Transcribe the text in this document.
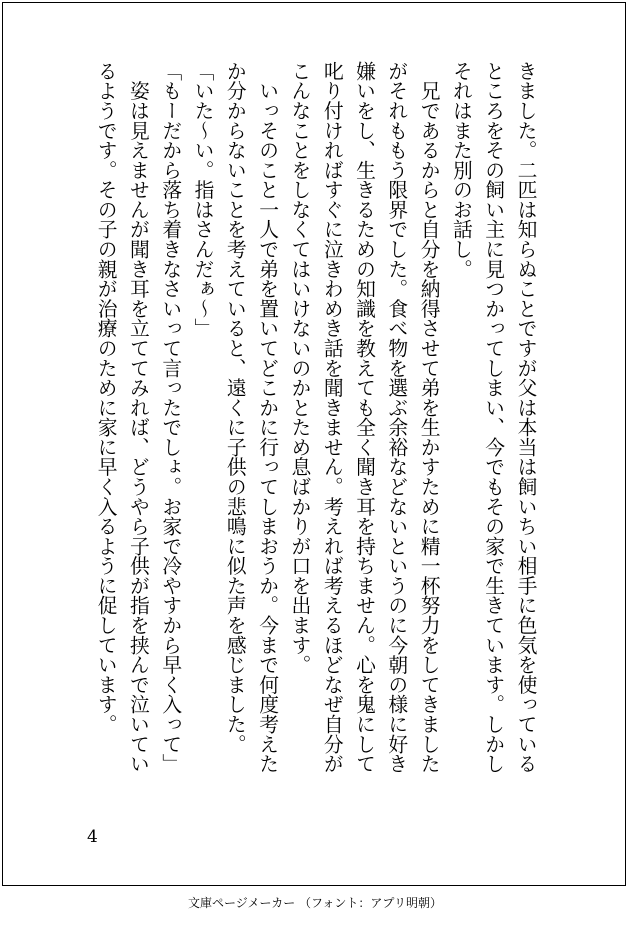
きました。二匹は知らぬことですが父は本当は飼いちい相手に色気を使っている
ところをその飼い主に見つかってしまい、今でもその家で生きています。しかし
それはまた別のお話し。
　兄であるからと自分を納得させて弟を生かすために精一杯努力をしてきました
がそれももう限界でした。食べ物を選ぶ余裕などないというのに今朝の様に好き
嫌いをし、生きるための知識を教えても全く聞き耳を持ちません。心を鬼にして
叱り付ければすぐに泣きわめき話を聞きません。考えれば考えるほどなぜ自分が
こんなことをしなくてはいけないのかとため息ばかりが口を出ます。
　いっそのこと一人で弟を置いてどこかに行ってしまおうか。今まで何度考えた
か分からないことを考えていると、遠くに子供の悲鳴に似た声を感じました。
「いた～い。指はさんだぁ～」
「もーだから落ち着きなさいって言ったでしょ。お家で冷やすから早く入って」
　姿は見えませんが聞き耳を立ててみれば、どうやら子供が指を挟んで泣いてい
るようです。その子の親が治療のために家に早く入るように促しています。
4
文庫ページメーカー （フォント：アプリ明朝）
